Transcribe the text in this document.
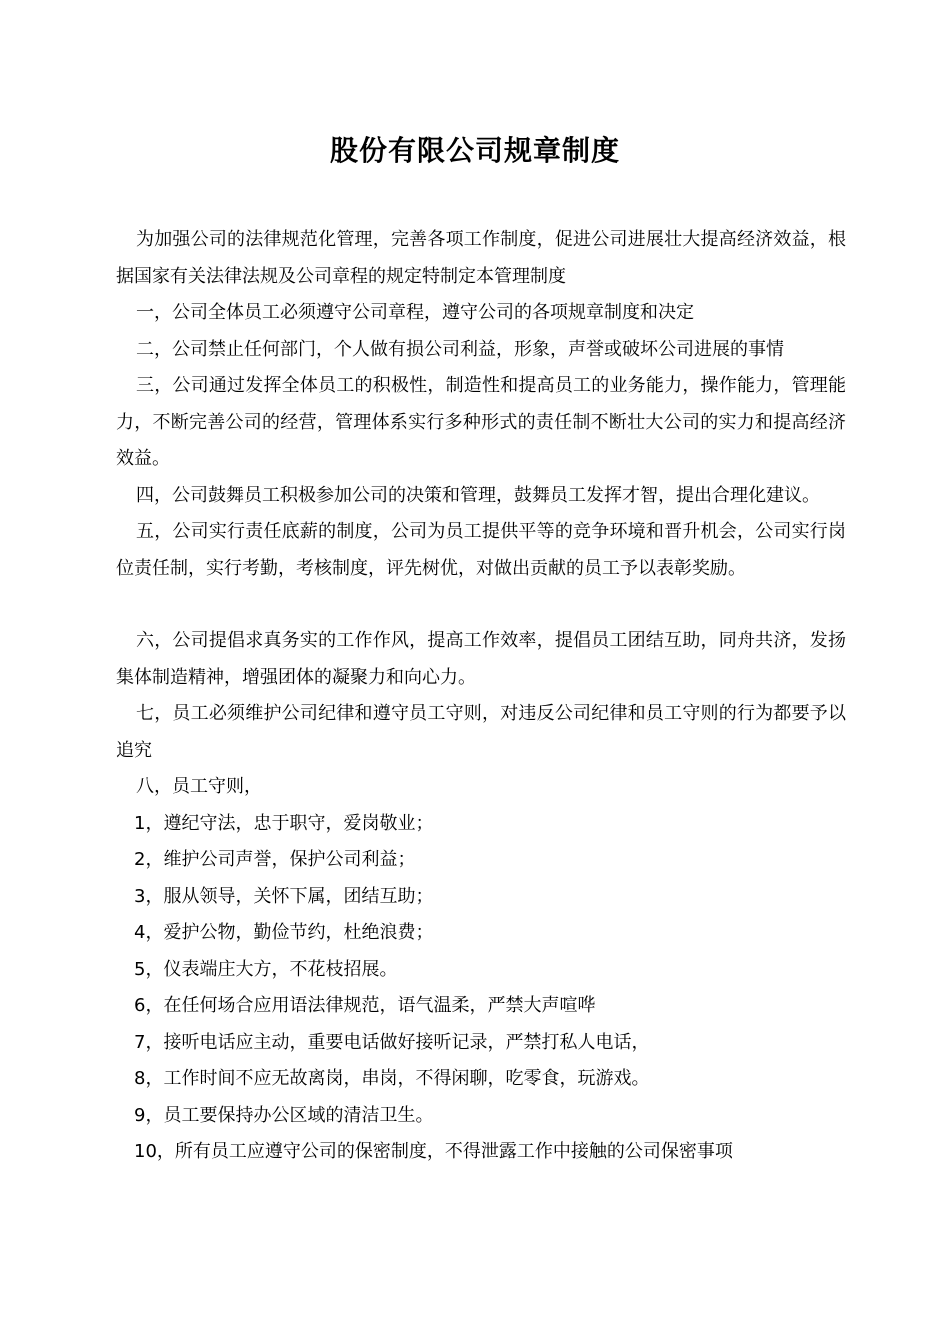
股份有限公司规章制度

为加强公司的法律规范化管理，完善各项工作制度，促进公司进展壮大提高经济效益，根据国家有关法律法规及公司章程的规定特制定本管理制度

一，公司全体员工必须遵守公司章程，遵守公司的各项规章制度和决定

二，公司禁止任何部门，个人做有损公司利益，形象，声誉或破坏公司进展的事情

三，公司通过发挥全体员工的积极性，制造性和提高员工的业务能力，操作能力，管理能力，不断完善公司的经营，管理体系实行多种形式的责任制不断壮大公司的实力和提高经济效益。

四，公司鼓舞员工积极参加公司的决策和管理，鼓舞员工发挥才智，提出合理化建议。

五，公司实行责任底薪的制度，公司为员工提供平等的竞争环境和晋升机会，公司实行岗位责任制，实行考勤，考核制度，评先树优，对做出贡献的员工予以表彰奖励。

六，公司提倡求真务实的工作作风，提高工作效率，提倡员工团结互助，同舟共济，发扬集体制造精神，增强团体的凝聚力和向心力。

七，员工必须维护公司纪律和遵守员工守则，对违反公司纪律和员工守则的行为都要予以追究

八，员工守则，

1，遵纪守法，忠于职守，爱岗敬业；

2，维护公司声誉，保护公司利益；

3，服从领导，关怀下属，团结互助；

4，爱护公物，勤俭节约，杜绝浪费；

5，仪表端庄大方，不花枝招展。

6，在任何场合应用语法律规范，语气温柔，严禁大声喧哗

7，接听电话应主动，重要电话做好接听记录，严禁打私人电话，

8，工作时间不应无故离岗，串岗，不得闲聊，吃零食，玩游戏。

9，员工要保持办公区域的清洁卫生。

10，所有员工应遵守公司的保密制度，不得泄露工作中接触的公司保密事项
